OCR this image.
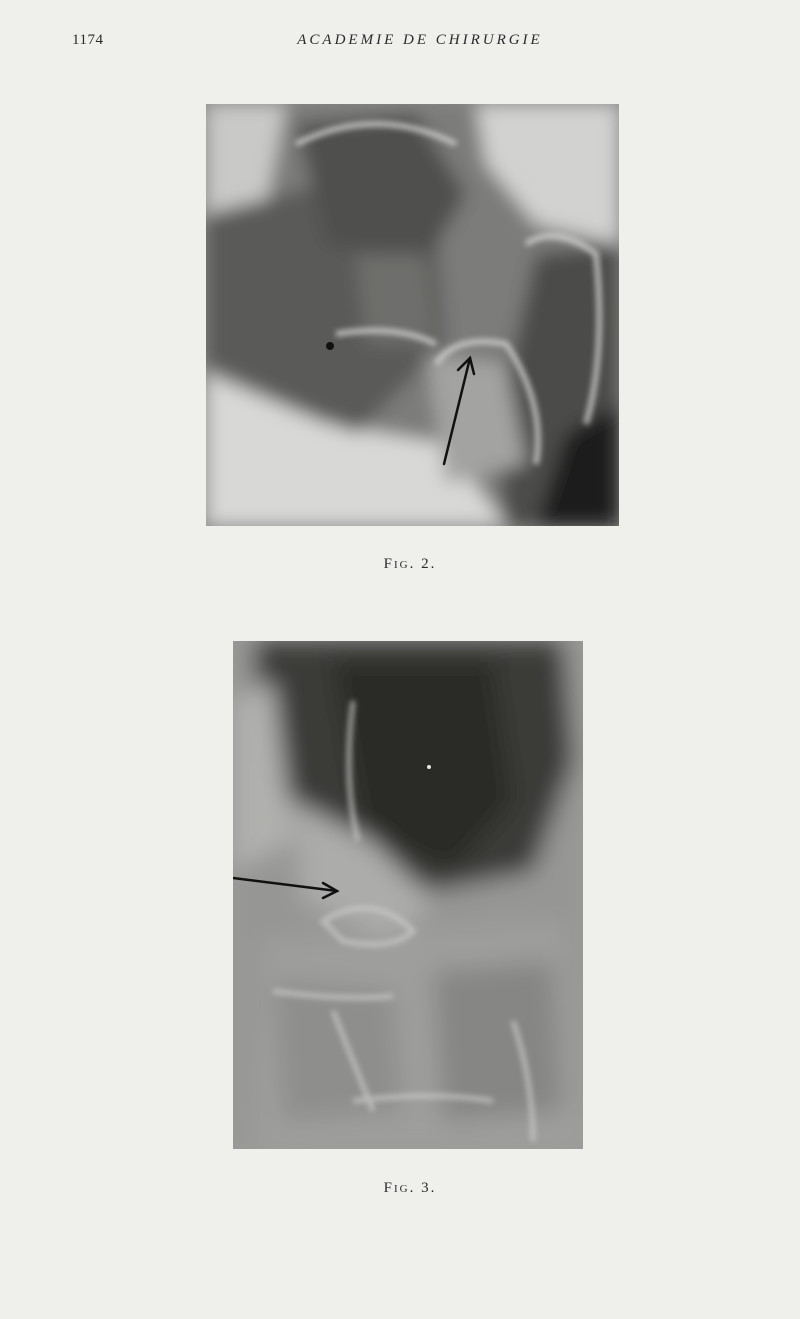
1174	ACADEMIE DE CHIRURGIE
Fig. 2.
Fig. 3.
